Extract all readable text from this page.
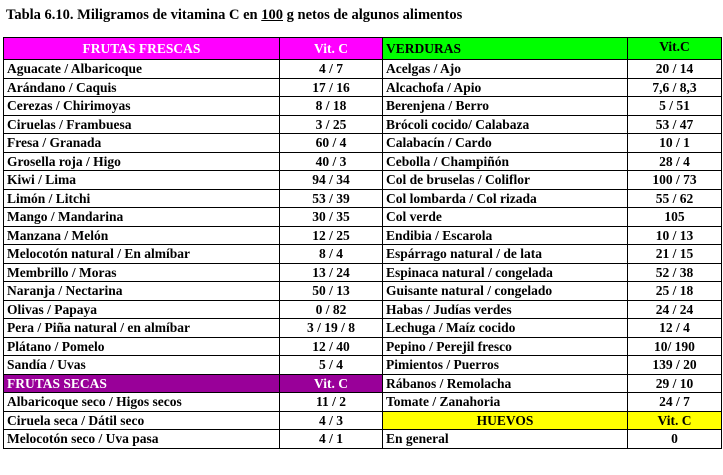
Tabla 6.10. Miligramos de vitamina C en 100 g netos de algunos alimentos
FRUTAS FRESCAS	Vit. C	VERDURAS	Vit.C
Aguacate / Albaricoque	4 / 7	Acelgas / Ajo	20 / 14
Arándano / Caquis	17 / 16	Alcachofa / Apio	7,6 / 8,3
Cerezas / Chirimoyas	8 / 18	Berenjena / Berro	5 / 51
Ciruelas / Frambuesa	3 / 25	Brócoli cocido/ Calabaza	53 / 47
Fresa / Granada	60 / 4	Calabacín / Cardo	10 / 1
Grosella roja / Higo	40 / 3	Cebolla / Champiñón	28 / 4
Kiwi / Lima	94 / 34	Col de bruselas / Coliflor	100 / 73
Limón / Litchi	53 / 39	Col lombarda / Col rizada	55 / 62
Mango / Mandarina	30 / 35	Col verde	105
Manzana / Melón	12 / 25	Endibia / Escarola	10 / 13
Melocotón natural / En almíbar	8 / 4	Espárrago natural / de lata	21 / 15
Membrillo / Moras	13 / 24	Espinaca natural / congelada	52 / 38
Naranja / Nectarina	50 / 13	Guisante natural / congelado	25 / 18
Olivas / Papaya	0 / 82	Habas / Judías verdes	24 / 24
Pera / Piña natural / en almíbar	3 / 19 / 8	Lechuga / Maíz cocido	12 / 4
Plátano / Pomelo	12 / 40	Pepino / Perejil fresco	10/ 190
Sandía / Uvas	5 / 4	Pimientos / Puerros	139 / 20
FRUTAS SECAS	Vit. C	Rábanos / Remolacha	29 / 10
Albaricoque seco / Higos secos	11 / 2	Tomate / Zanahoria	24 / 7
Ciruela seca / Dátil seco	4 / 3	HUEVOS	Vit. C
Melocotón seco / Uva pasa	4 / 1	En general	0
